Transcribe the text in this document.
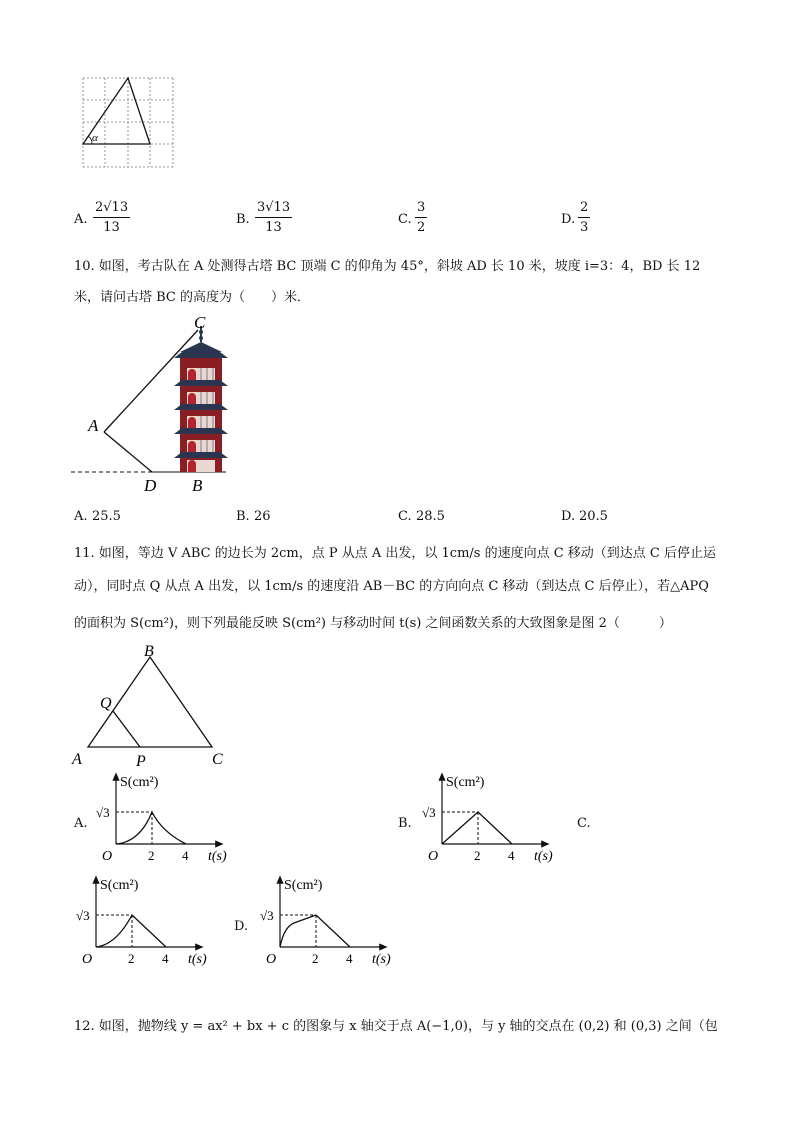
α
A. $\frac{2√13}{13}$	B. $\frac{3√13}{13}$	C. $\frac{3}{2}$	D. $\frac{2}{3}$
10. 如图，考古队在 A 处测得古塔 BC 顶端 C 的仰角为 45°，斜坡 AD 长 10 米，坡度 i=3：4，BD 长 12
米，请问古塔 BC 的高度为（　　）米．
C
A
D B
A. 25.5	B. 26	C. 28.5	D. 20.5
11. 如图，等边 V ABC 的边长为 2cm，点 P 从点 A 出发，以 1cm/s 的速度向点 C 移动（到达点 C 后停止运
动），同时点 Q 从点 A 出发，以 1cm/s 的速度沿 AB－BC 的方向向点 C 移动（到达点 C 后停止），若△APQ
的面积为 S(cm²)，则下列最能反映 S(cm²) 与移动时间 t(s) 之间函数关系的大致图象是图 2（　　　）
B
Q
A	P	C
A.	B.	C.
D.
S(cm²)
√3
O	2 4 t(s)
S(cm²)
√3
O	2 4 t(s)
S(cm²)
√3
O	2 4 t(s)
S(cm²)
√3
O	2 4 t(s)
12. 如图，抛物线 y = ax² + bx + c 的图象与 x 轴交于点 A(−1,0)，与 y 轴的交点在 (0,2) 和 (0,3) 之间（包
